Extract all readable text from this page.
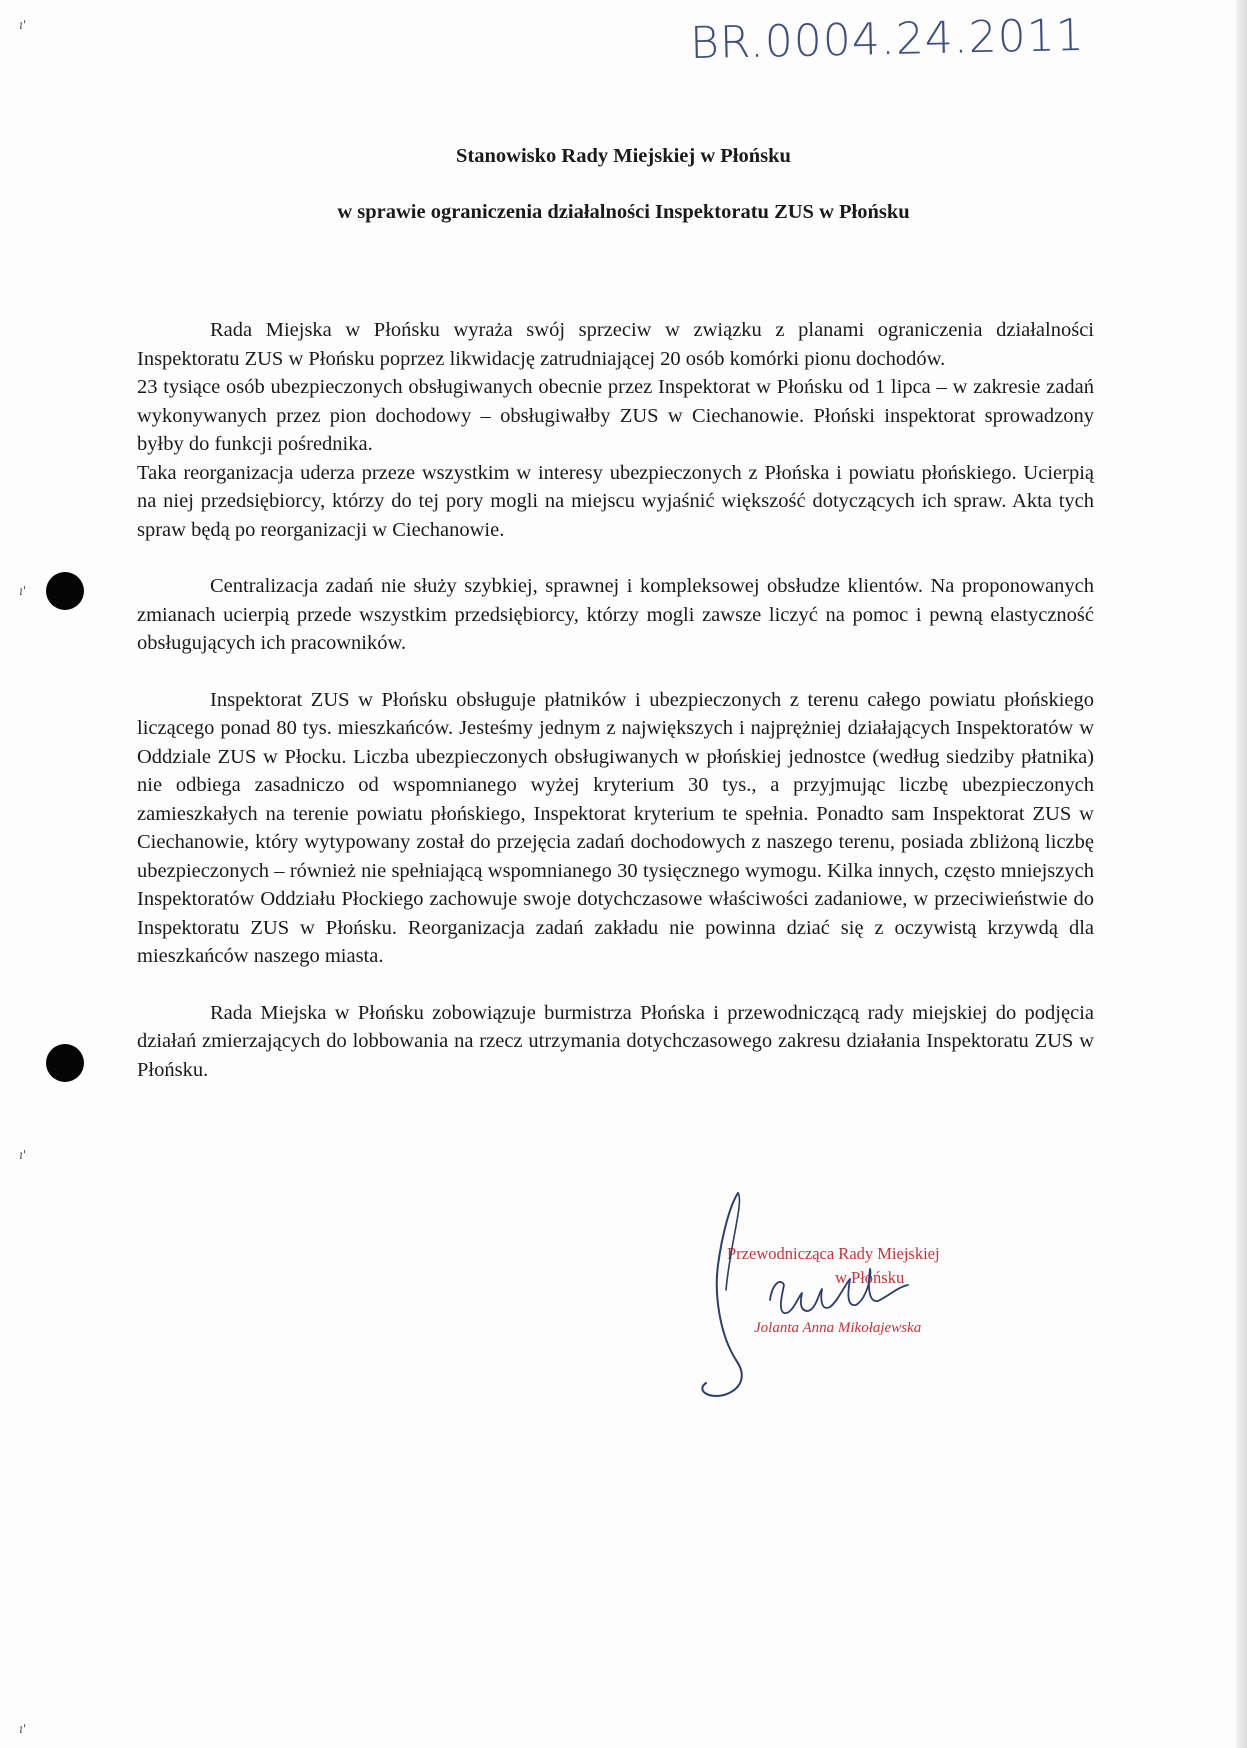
BR.0004.24.2011
ı'
ı'
ı'
ı'
Stanowisko Rady Miejskiej w Płońsku
w sprawie ograniczenia działalności Inspektoratu ZUS w Płońsku

Rada Miejska w Płońsku wyraża swój sprzeciw w związku z planami ograniczenia działalności Inspektoratu ZUS w Płońsku poprzez likwidację zatrudniającej 20 osób komórki pionu dochodów.

23 tysiące osób ubezpieczonych obsługiwanych obecnie przez Inspektorat w Płońsku od 1 lipca – w zakresie zadań wykonywanych przez pion dochodowy – obsługiwałby ZUS w Ciechanowie. Płoński inspektorat sprowadzony byłby do funkcji pośrednika.

Taka reorganizacja uderza przeze wszystkim w interesy ubezpieczonych z Płońska i powiatu płońskiego. Ucierpią na niej przedsiębiorcy, którzy do tej pory mogli na miejscu wyjaśnić większość dotyczących ich spraw. Akta tych spraw będą po reorganizacji w Ciechanowie.

Centralizacja zadań nie służy szybkiej, sprawnej i kompleksowej obsłudze klientów. Na proponowanych zmianach ucierpią przede wszystkim przedsiębiorcy, którzy mogli zawsze liczyć na pomoc i pewną elastyczność obsługujących ich pracowników.

Inspektorat ZUS w Płońsku obsługuje płatników i ubezpieczonych z terenu całego powiatu płońskiego liczącego ponad 80 tys. mieszkańców. Jesteśmy jednym z największych i najprężniej działających Inspektoratów w Oddziale ZUS w Płocku. Liczba ubezpieczonych obsługiwanych w płońskiej jednostce (według siedziby płatnika) nie odbiega zasadniczo od wspomnianego wyżej kryterium 30 tys., a przyjmując liczbę ubezpieczonych zamieszkałych na terenie powiatu płońskiego, Inspektorat kryterium te spełnia. Ponadto sam Inspektorat ZUS w Ciechanowie, który wytypowany został do przejęcia zadań dochodowych z naszego terenu, posiada zbliżoną liczbę ubezpieczonych – również nie spełniającą wspomnianego 30 tysięcznego wymogu. Kilka innych, często mniejszych Inspektoratów Oddziału Płockiego zachowuje swoje dotychczasowe właściwości zadaniowe, w przeciwieństwie do Inspektoratu ZUS w Płońsku. Reorganizacja zadań zakładu nie powinna dziać się z oczywistą krzywdą dla mieszkańców naszego miasta.

Rada Miejska w Płońsku zobowiązuje burmistrza Płońska i przewodniczącą rady miejskiej do podjęcia działań zmierzających do lobbowania na rzecz utrzymania dotychczasowego zakresu działania Inspektoratu ZUS w Płońsku.

Przewodnicząca Rady Miejskiej
w Płońsku
Jolanta Anna Mikołajewska
